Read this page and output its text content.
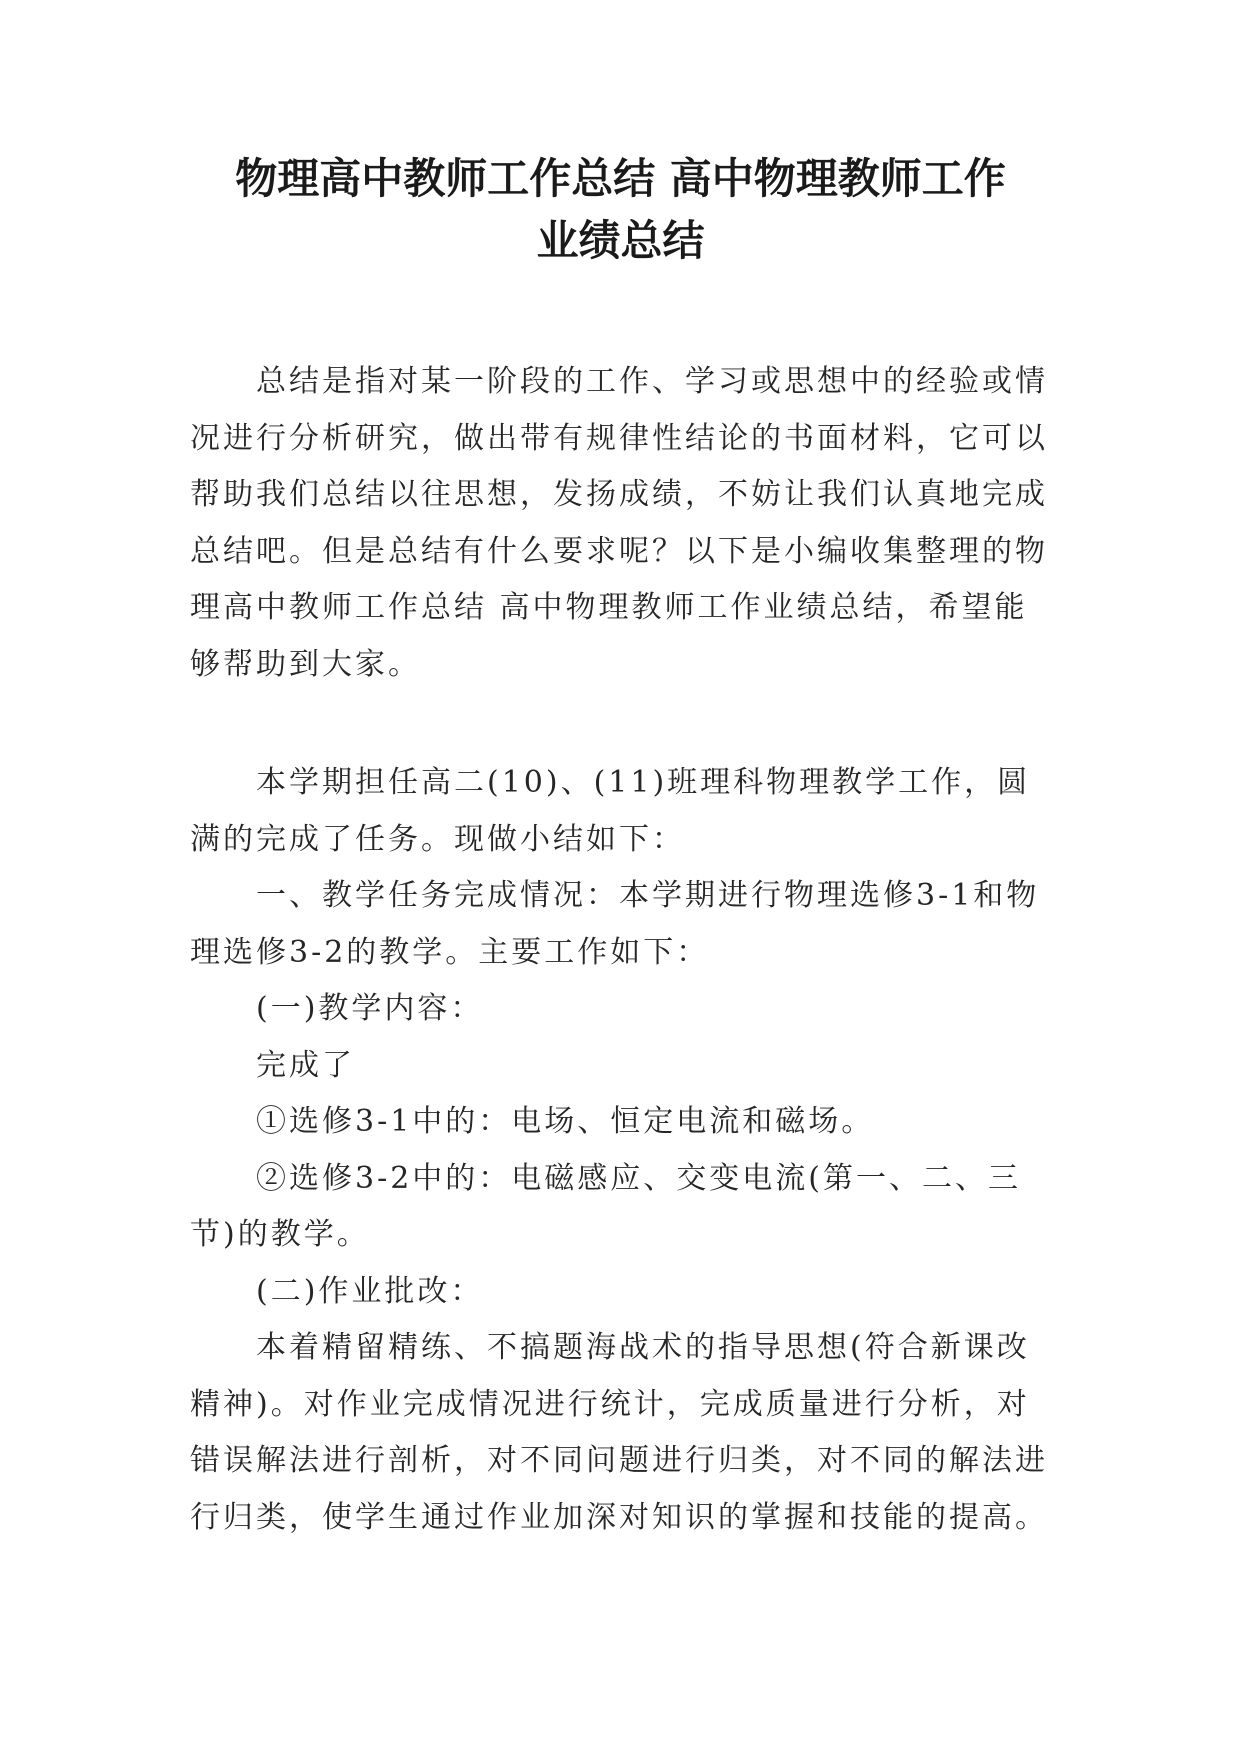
物理高中教师工作总结 高中物理教师工作
业绩总结

总结是指对某一阶段的工作、学习或思想中的经验或情况进行分析研究，做出带有规律性结论的书面材料，它可以帮助我们总结以往思想，发扬成绩，不妨让我们认真地完成总结吧。但是总结有什么要求呢？以下是小编收集整理的物理高中教师工作总结 高中物理教师工作业绩总结，希望能够帮助到大家。

本学期担任高二(10)、(11)班理科物理教学工作，圆满的完成了任务。现做小结如下：

一、教学任务完成情况：本学期进行物理选修3-1和物理选修3-2的教学。主要工作如下：

(一)教学内容：

完成了

①选修3-1中的：电场、恒定电流和磁场。

②选修3-2中的：电磁感应、交变电流(第一、二、三节)的教学。

(二)作业批改：

本着精留精练、不搞题海战术的指导思想(符合新课改精神)。对作业完成情况进行统计，完成质量进行分析，对错误解法进行剖析，对不同问题进行归类，对不同的解法进行归类，使学生通过作业加深对知识的掌握和技能的提高。
